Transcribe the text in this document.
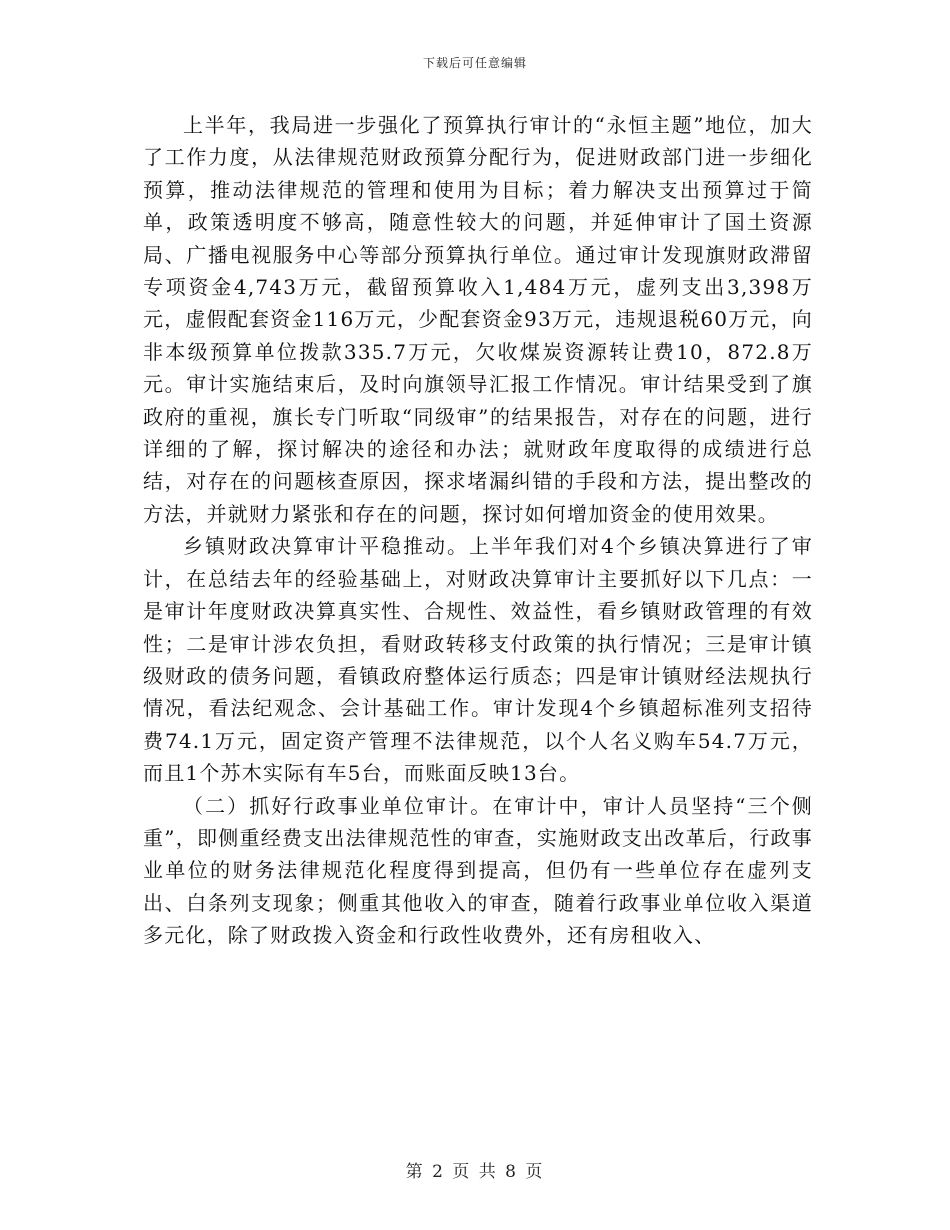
下载后可任意编辑

上半年，我局进一步强化了预算执行审计的“永恒主题”地位，加大了工作力度，从法律规范财政预算分配行为，促进财政部门进一步细化预算，推动法律规范的管理和使用为目标；着力解决支出预算过于简单，政策透明度不够高，随意性较大的问题，并延伸审计了国土资源局、广播电视服务中心等部分预算执行单位。通过审计发现旗财政滞留专项资金4,743万元，截留预算收入1,484万元，虚列支出3,398万元，虚假配套资金116万元，少配套资金93万元，违规退税60万元，向非本级预算单位拨款335.7万元，欠收煤炭资源转让费10，872.8万元。审计实施结束后，及时向旗领导汇报工作情况。审计结果受到了旗政府的重视，旗长专门听取“同级审”的结果报告，对存在的问题，进行详细的了解，探讨解决的途径和办法；就财政年度取得的成绩进行总结，对存在的问题核查原因，探求堵漏纠错的手段和方法，提出整改的方法，并就财力紧张和存在的问题，探讨如何增加资金的使用效果。

乡镇财政决算审计平稳推动。上半年我们对4个乡镇决算进行了审计，在总结去年的经验基础上，对财政决算审计主要抓好以下几点：一是审计年度财政决算真实性、合规性、效益性，看乡镇财政管理的有效性；二是审计涉农负担，看财政转移支付政策的执行情况；三是审计镇级财政的债务问题，看镇政府整体运行质态；四是审计镇财经法规执行情况，看法纪观念、会计基础工作。审计发现4个乡镇超标准列支招待费74.1万元，固定资产管理不法律规范，以个人名义购车54.7万元，而且1个苏木实际有车5台，而账面反映13台。

（二）抓好行政事业单位审计。在审计中，审计人员坚持“三个侧重”，即侧重经费支出法律规范性的审查，实施财政支出改革后，行政事业单位的财务法律规范化程度得到提高，但仍有一些单位存在虚列支出、白条列支现象；侧重其他收入的审查，随着行政事业单位收入渠道多元化，除了财政拨入资金和行政性收费外，还有房租收入、

第 2 页 共 8 页
